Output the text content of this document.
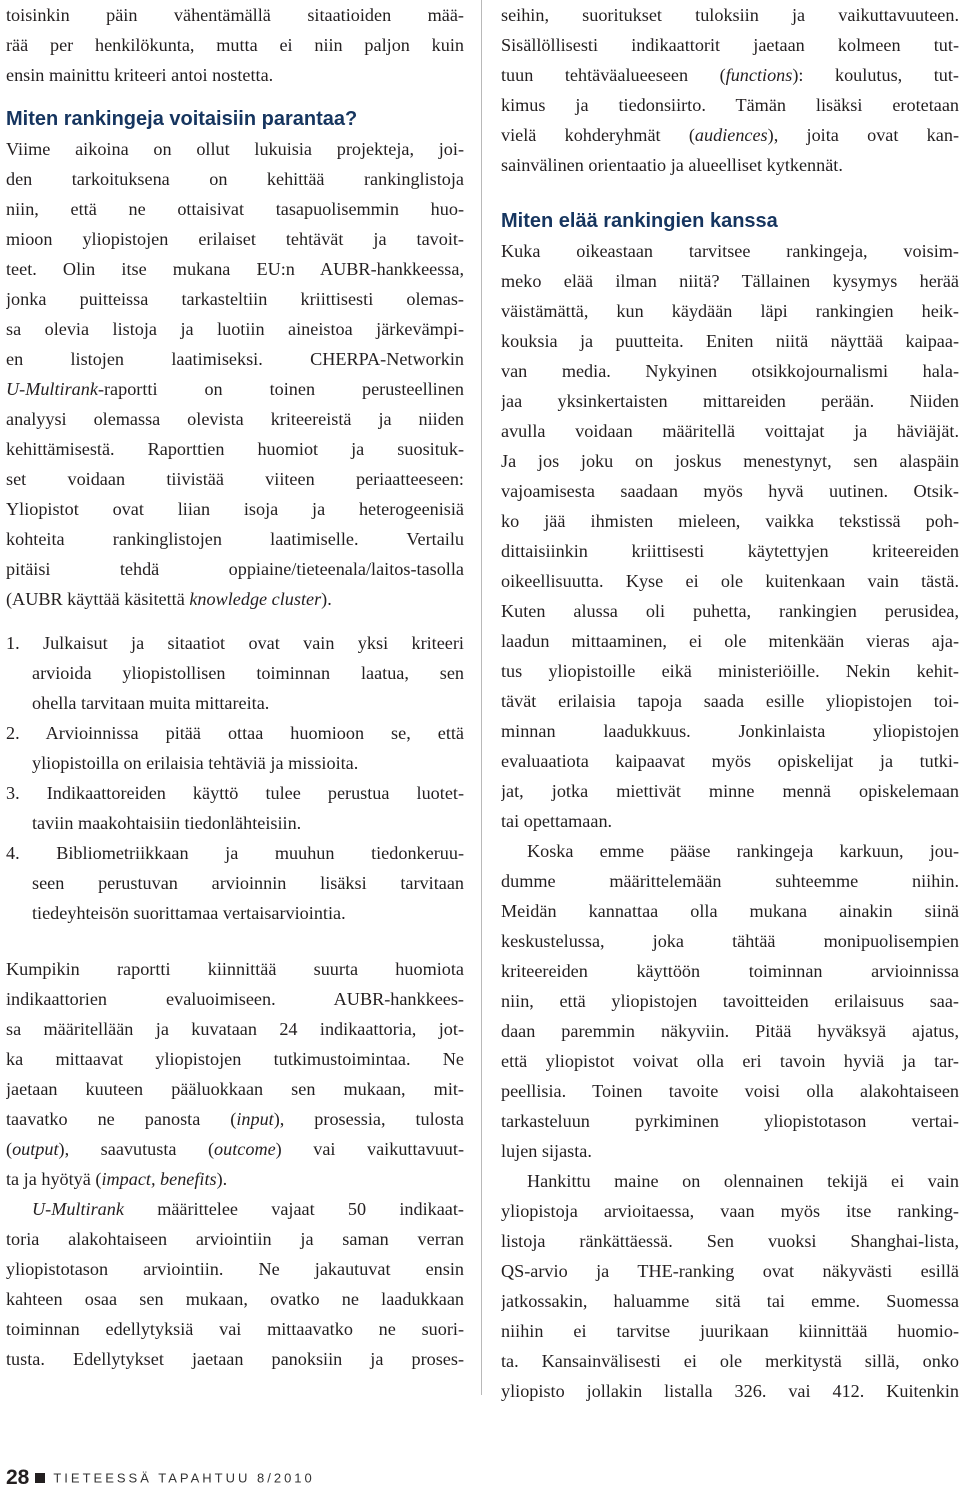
toisinkin päin vähentämällä sitaatioiden mää-
rää per henkilökunta, mutta ei niin paljon kuin
ensin mainittu kriteeri antoi nostetta.
Miten rankingeja voitaisiin parantaa?
Viime aikoina on ollut lukuisia projekteja, joi-
den tarkoituksena on kehittää rankinglistoja
niin, että ne ottaisivat tasapuolisemmin huo-
mioon yliopistojen erilaiset tehtävät ja tavoit-
teet. Olin itse mukana EU:n AUBR-hankkeessa,
jonka puitteissa tarkasteltiin kriittisesti olemas-
sa olevia listoja ja luotiin aineistoa järkevämpi-
en listojen laatimiseksi. CHERPA-Networkin
U-Multirank-raportti on toinen perusteellinen
analyysi olemassa olevista kriteereistä ja niiden
kehittämisestä. Raporttien huomiot ja suosituk-
set voidaan tiivistää viiteen periaatteeseen:
Yliopistot ovat liian isoja ja heterogeenisiä
kohteita rankinglistojen laatimiselle. Vertailu
pitäisi tehdä oppiaine/tieteenala/laitos-tasolla
(AUBR käyttää käsitettä knowledge cluster).
1. Julkaisut ja sitaatiot ovat vain yksi kriteeri
arvioida yliopistollisen toiminnan laatua, sen
ohella tarvitaan muita mittareita.
2. Arvioinnissa pitää ottaa huomioon se, että
yliopistoilla on erilaisia tehtäviä ja missioita.
3. Indikaattoreiden käyttö tulee perustua luotet-
taviin maakohtaisiin tiedonlähteisiin.
4. Bibliometriikkaan ja muuhun tiedonkeruu-
seen perustuvan arvioinnin lisäksi tarvitaan
tiedeyhteisön suorittamaa vertaisarviointia.
Kumpikin raportti kiinnittää suurta huomiota
indikaattorien evaluoimiseen. AUBR-hankkees-
sa määritellään ja kuvataan 24 indikaattoria, jot-
ka mittaavat yliopistojen tutkimustoimintaa. Ne
jaetaan kuuteen pääluokkaan sen mukaan, mit-
taavatko ne panosta (input), prosessia, tulosta
(output), saavutusta (outcome) vai vaikuttavuut-
ta ja hyötyä (impact, benefits).
U-Multirank määrittelee vajaat 50 indikaat-
toria alakohtaiseen arviointiin ja saman verran
yliopistotason arviointiin. Ne jakautuvat ensin
kahteen osaa sen mukaan, ovatko ne laadukkaan
toiminnan edellytyksiä vai mittaavatko ne suori-
tusta. Edellytykset jaetaan panoksiin ja proses-
seihin, suoritukset tuloksiin ja vaikuttavuuteen.
Sisällöllisesti indikaattorit jaetaan kolmeen tut-
tuun tehtäväalueeseen (functions): koulutus, tut-
kimus ja tiedonsiirto. Tämän lisäksi erotetaan
vielä kohderyhmät (audiences), joita ovat kan-
sainvälinen orientaatio ja alueelliset kytkennät.
Miten elää rankingien kanssa
Kuka oikeastaan tarvitsee rankingeja, voisim-
meko elää ilman niitä? Tällainen kysymys herää
väistämättä, kun käydään läpi rankingien heik-
kouksia ja puutteita. Eniten niitä näyttää kaipaa-
van media. Nykyinen otsikkojournalismi hala-
jaa yksinkertaisten mittareiden perään. Niiden
avulla voidaan määritellä voittajat ja häviäjät.
Ja jos joku on joskus menestynyt, sen alaspäin
vajoamisesta saadaan myös hyvä uutinen. Otsik-
ko jää ihmisten mieleen, vaikka tekstissä poh-
dittaisiinkin kriittisesti käytettyjen kriteereiden
oikeellisuutta. Kyse ei ole kuitenkaan vain tästä.
Kuten alussa oli puhetta, rankingien perusidea,
laadun mittaaminen, ei ole mitenkään vieras aja-
tus yliopistoille eikä ministeriöille. Nekin kehit-
tävät erilaisia tapoja saada esille yliopistojen toi-
minnan laadukkuus. Jonkinlaista yliopistojen
evaluaatiota kaipaavat myös opiskelijat ja tutki-
jat, jotka miettivät minne mennä opiskelemaan
tai opettamaan.
Koska emme pääse rankingeja karkuun, jou-
dumme määrittelemään suhteemme niihin.
Meidän kannattaa olla mukana ainakin siinä
keskustelussa, joka tähtää monipuolisempien
kriteereiden käyttöön toiminnan arvioinnissa
niin, että yliopistojen tavoitteiden erilaisuus saa-
daan paremmin näkyviin. Pitää hyväksyä ajatus,
että yliopistot voivat olla eri tavoin hyviä ja tar-
peellisia. Toinen tavoite voisi olla alakohtaiseen
tarkasteluun pyrkiminen yliopistotason vertai-
lujen sijasta.
Hankittu maine on olennainen tekijä ei vain
yliopistoja arvioitaessa, vaan myös itse ranking-
listoja ränkättäessä. Sen vuoksi Shanghai-lista,
QS-arvio ja THE-ranking ovat näkyvästi esillä
jatkossakin, haluamme sitä tai emme. Suomessa
niihin ei tarvitse juurikaan kiinnittää huomio-
ta. Kansainvälisesti ei ole merkitystä sillä, onko
yliopisto jollakin listalla 326. vai 412. Kuitenkin
28 TIETEESSÄ TAPAHTUU 8/2010
